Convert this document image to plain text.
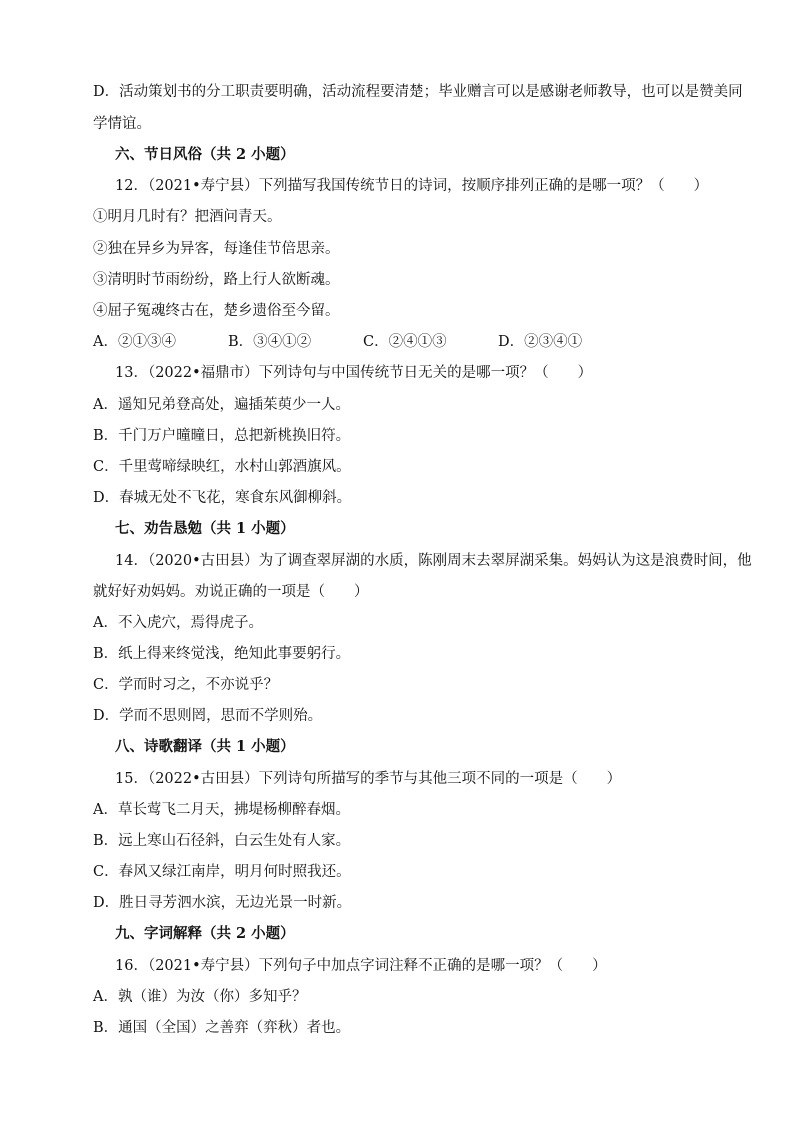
D．活动策划书的分工职责要明确，活动流程要清楚；毕业赠言可以是感谢老师教导，也可以是赞美同
学情谊。
六、节日风俗（共 2 小题）
12．（2021•寿宁县）下列描写我国传统节日的诗词，按顺序排列正确的是哪一项？（　　）
①明月几时有？把酒问青天。
②独在异乡为异客，每逢佳节倍思亲。
③清明时节雨纷纷，路上行人欲断魂。
④屈子冤魂终古在，楚乡遗俗至今留。
A．②①③④	B．③④①②	C．②④①③	D．②③④①
13．（2022•福鼎市）下列诗句与中国传统节日无关的是哪一项？（　　）
A．遥知兄弟登高处，遍插茱萸少一人。
B．千门万户曈曈日，总把新桃换旧符。
C．千里莺啼绿映红，水村山郭酒旗风。
D．春城无处不飞花，寒食东风御柳斜。
七、劝告恳勉（共 1 小题）
14．（2020•古田县）为了调查翠屏湖的水质，陈刚周末去翠屏湖采集。妈妈认为这是浪费时间，他
就好好劝妈妈。劝说正确的一项是（　　）
A．不入虎穴，焉得虎子。
B．纸上得来终觉浅，绝知此事要躬行。
C．学而时习之，不亦说乎？
D．学而不思则罔，思而不学则殆。
八、诗歌翻译（共 1 小题）
15．（2022•古田县）下列诗句所描写的季节与其他三项不同的一项是（　　）
A．草长莺飞二月天，拂堤杨柳醉春烟。
B．远上寒山石径斜，白云生处有人家。
C．春风又绿江南岸，明月何时照我还。
D．胜日寻芳泗水滨，无边光景一时新。
九、字词解释（共 2 小题）
16．（2021•寿宁县）下列句子中加点字词注释不正确的是哪一项？（　　）
A．孰（谁）为汝（你）多知乎？
B．通国（全国）之善弈（弈秋）者也。
